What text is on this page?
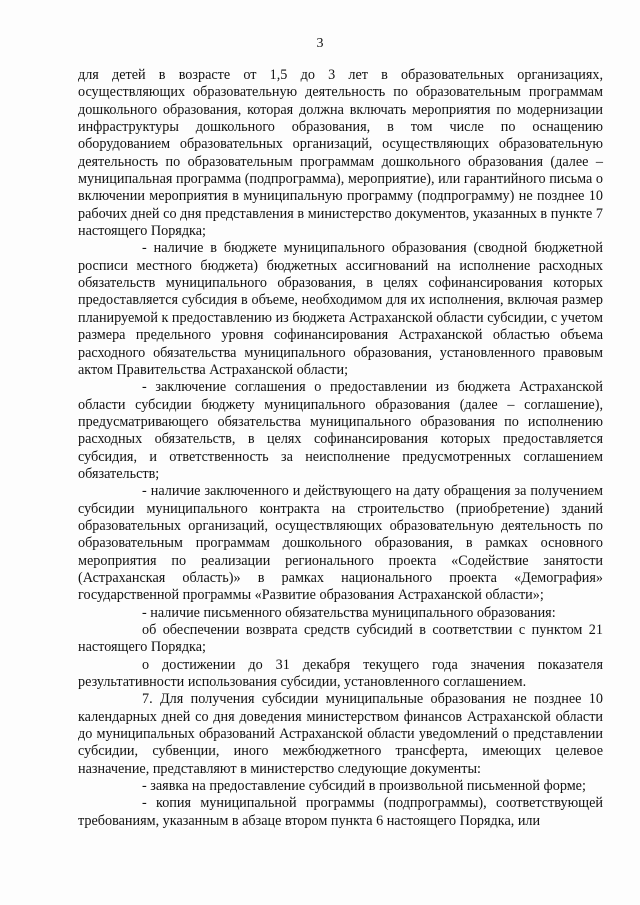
3

для детей в возрасте от 1,5 до 3 лет в образовательных организациях, осуществляющих образовательную деятельность по образовательным программам дошкольного образования, которая должна включать мероприятия по модернизации инфраструктуры дошкольного образования, в том числе по оснащению оборудованием образовательных организаций, осуществляющих образовательную деятельность по образовательным программам дошкольного образования (далее – муниципальная программа (подпрограмма), мероприятие), или гарантийного письма о включении мероприятия в муниципальную программу (подпрограмму) не позднее 10 рабочих дней со дня представления в министерство документов, указанных в пункте 7 настоящего Порядка;

- наличие в бюджете муниципального образования (сводной бюджетной росписи местного бюджета) бюджетных ассигнований на исполнение расходных обязательств муниципального образования, в целях софинансирования которых предоставляется субсидия в объеме, необходимом для их исполнения, включая размер планируемой к предоставлению из бюджета Астраханской области субсидии, с учетом размера предельного уровня софинансирования Астраханской областью объема расходного обязательства муниципального образования, установленного правовым актом Правительства Астраханской области;

- заключение соглашения о предоставлении из бюджета Астраханской области субсидии бюджету муниципального образования (далее – соглашение), предусматривающего обязательства муниципального образования по исполнению расходных обязательств, в целях софинансирования которых предоставляется субсидия, и ответственность за неисполнение предусмотренных соглашением обязательств;

- наличие заключенного и действующего на дату обращения за получением субсидии муниципального контракта на строительство (приобретение) зданий образовательных организаций, осуществляющих образовательную деятельность по образовательным программам дошкольного образования, в рамках основного мероприятия по реализации регионального проекта «Содействие занятости (Астраханская область)» в рамках национального проекта «Демография» государственной программы «Развитие образования Астраханской области»;

- наличие письменного обязательства муниципального образования:

об обеспечении возврата средств субсидий в соответствии с пунктом 21 настоящего Порядка;

о достижении до 31 декабря текущего года значения показателя результативности использования субсидии, установленного соглашением.

7. Для получения субсидии муниципальные образования не позднее 10 календарных дней со дня доведения министерством финансов Астраханской области до муниципальных образований Астраханской области уведомлений о представлении субсидии, субвенции, иного межбюджетного трансферта, имеющих целевое назначение, представляют в министерство следующие документы:

- заявка на предоставление субсидий в произвольной письменной форме;

- копия муниципальной программы (подпрограммы), соответствующей требованиям, указанным в абзаце втором пункта 6 настоящего Порядка, или
